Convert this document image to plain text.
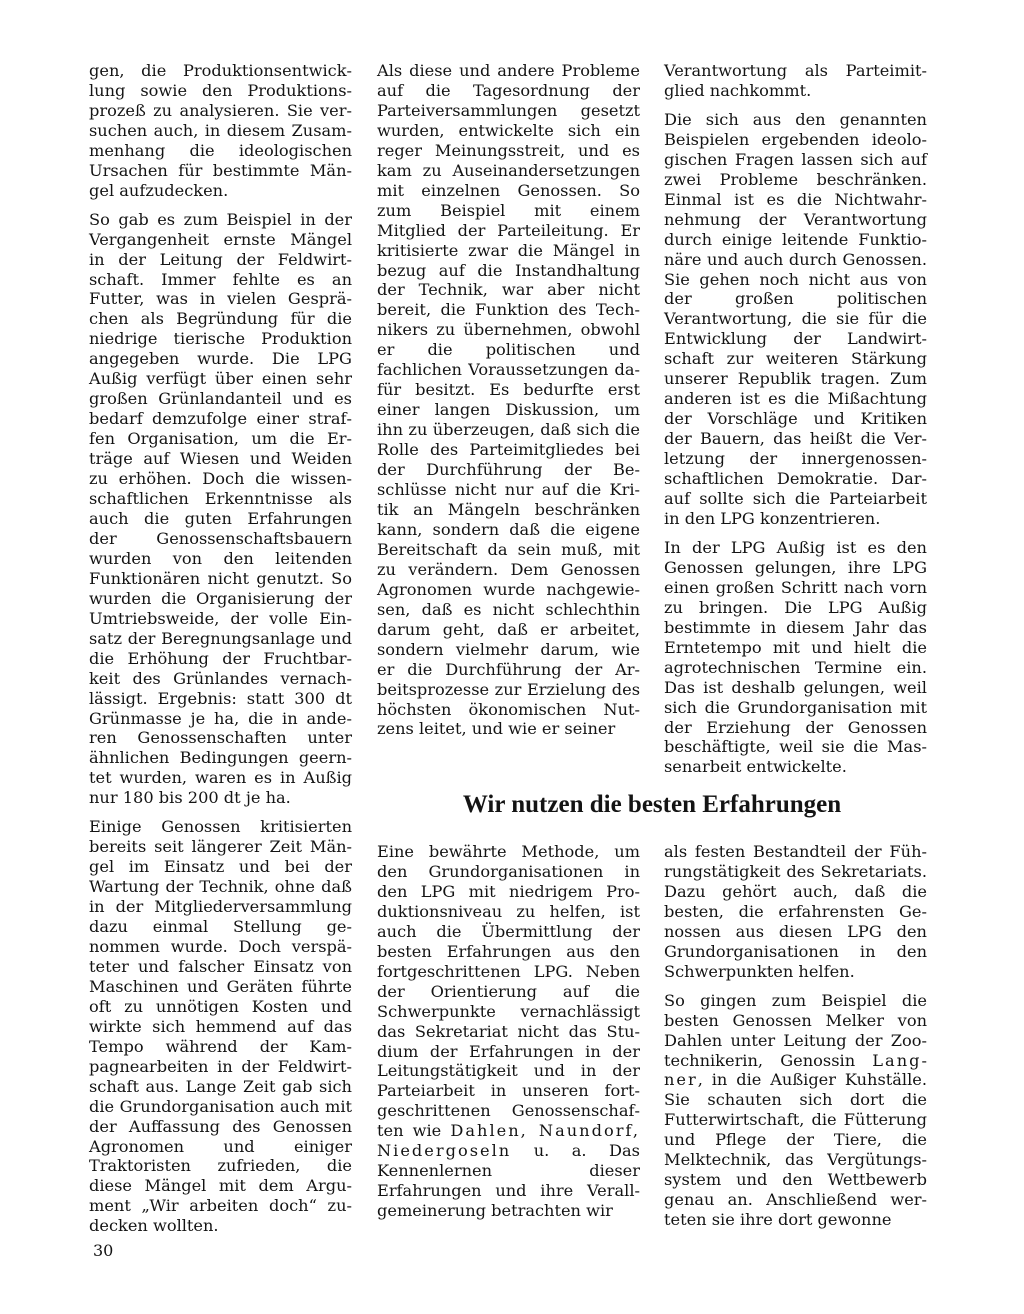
gen, die Produktionsentwicklung sowie den Produktionsprozeß zu analysieren. Sie versuchen auch, in diesem Zusammenhang die ideologischen Ursachen für bestimmte Mängel aufzudecken.

So gab es zum Beispiel in der Vergangenheit ernste Mängel in der Leitung der Feldwirtschaft. Immer fehlte es an Futter, was in vielen Gesprächen als Begründung für die niedrige tierische Produktion angegeben wurde. Die LPG Außig verfügt über einen sehr großen Grünlandanteil und es bedarf demzufolge einer straffen Organisation, um die Erträge auf Wiesen und Weiden zu erhöhen. Doch die wissenschaftlichen Erkenntnisse als auch die guten Erfahrungen der Genossenschaftsbauern wurden von den leitenden Funktionären nicht genutzt. So wurden die Organisierung der Umtriebsweide, der volle Einsatz der Beregnungsanlage und die Erhöhung der Fruchtbarkeit des Grünlandes vernachlässigt. Ergebnis: statt 300 dt Grünmasse je ha, die in anderen Genossenschaften unter ähnlichen Bedingungen geerntet wurden, waren es in Außig nur 180 bis 200 dt je ha.

Einige Genossen kritisierten bereits seit längerer Zeit Mängel im Einsatz und bei der Wartung der Technik, ohne daß in der Mitgliederversammlung dazu einmal Stellung genommen wurde. Doch verspäteter und falscher Einsatz von Maschinen und Geräten führte oft zu unnötigen Kosten und wirkte sich hemmend auf das Tempo während der Kampagnearbeiten in der Feldwirtschaft aus. Lange Zeit gab sich die Grundorganisation auch mit der Auffassung des Genossen Agronomen und einiger Traktoristen zufrieden, die diese Mängel mit dem Argument „Wir arbeiten doch“ zudecken wollten.

Als diese und andere Probleme auf die Tagesordnung der Parteiversammlungen gesetzt wurden, entwickelte sich ein reger Meinungsstreit, und es kam zu Auseinandersetzungen mit einzelnen Genossen. So zum Beispiel mit einem Mitglied der Parteileitung. Er kritisierte zwar die Mängel in bezug auf die Instandhaltung der Technik, war aber nicht bereit, die Funktion des Technikers zu übernehmen, obwohl er die politischen und fachlichen Voraussetzungen dafür besitzt. Es bedurfte erst einer langen Diskussion, um ihn zu überzeugen, daß sich die Rolle des Parteimitgliedes bei der Durchführung der Beschlüsse nicht nur auf die Kritik an Mängeln beschränken kann, sondern daß die eigene Bereitschaft da sein muß, mit zu verändern. Dem Genossen Agronomen wurde nachgewiesen, daß es nicht schlechthin darum geht, daß er arbeitet, sondern vielmehr darum, wie er die Durchführung der Arbeitsprozesse zur Erzielung des höchsten ökonomischen Nutzens leitet, und wie er seiner

Verantwortung als Parteimitglied nachkommt.

Die sich aus den genannten Beispielen ergebenden ideologischen Fragen lassen sich auf zwei Probleme beschränken. Einmal ist es die Nichtwahrnehmung der Verantwortung durch einige leitende Funktionäre und auch durch Genossen. Sie gehen noch nicht aus von der großen politischen Verantwortung, die sie für die Entwicklung der Landwirtschaft zur weiteren Stärkung unserer Republik tragen. Zum anderen ist es die Mißachtung der Vorschläge und Kritiken der Bauern, das heißt die Verletzung der innergenossenschaftlichen Demokratie. Darauf sollte sich die Parteiarbeit in den LPG konzentrieren.

In der LPG Außig ist es den Genossen gelungen, ihre LPG einen großen Schritt nach vorn zu bringen. Die LPG Außig bestimmte in diesem Jahr das Erntetempo mit und hielt die agrotechnischen Termine ein. Das ist deshalb gelungen, weil sich die Grundorganisation mit der Erziehung der Genossen beschäftigte, weil sie die Massenarbeit entwickelte.

Wir nutzen die besten Erfahrungen

Eine bewährte Methode, um den Grundorganisationen in den LPG mit niedrigem Produktionsniveau zu helfen, ist auch die Übermittlung der besten Erfahrungen aus den fortgeschrittenen LPG. Neben der Orientierung auf die Schwerpunkte vernachlässigt das Sekretariat nicht das Studium der Erfahrungen in der Leitungstätigkeit und in der Parteiarbeit in unseren fortgeschrittenen Genossenschaften wie Dahlen, Naundorf, Niedergoseln u. a. Das Kennenlernen dieser Erfahrungen und ihre Verallgemeinerung betrachten wir

als festen Bestandteil der Führungstätigkeit des Sekretariats. Dazu gehört auch, daß die besten, die erfahrensten Genossen aus diesen LPG den Grundorganisationen in den Schwerpunkten helfen.

So gingen zum Beispiel die besten Genossen Melker von Dahlen unter Leitung der Zootechnikerin, Genossin Langner, in die Außiger Kuhställe. Sie schauten sich dort die Futterwirtschaft, die Fütterung und Pflege der Tiere, die Melktechnik, das Vergütungssystem und den Wettbewerb genau an. Anschließend werteten sie ihre dort gewonne

30
